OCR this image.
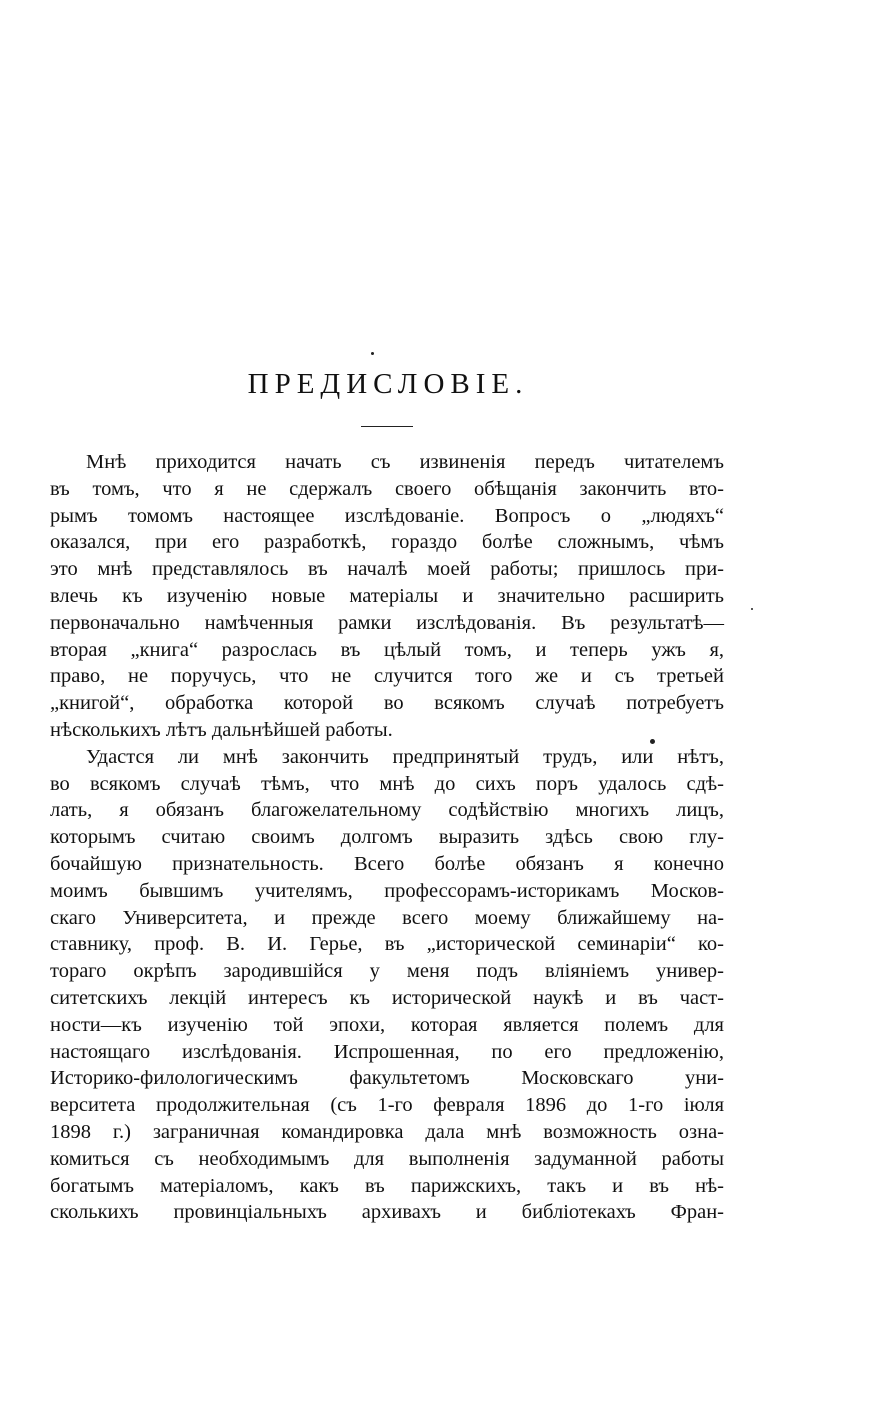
ПРЕДИСЛОВІЕ.
Мнѣ приходится начать съ извиненія передъ читателемъ
въ томъ, что я не сдержалъ своего обѣщанія закончить вто-
рымъ томомъ настоящее изслѣдованіе. Вопросъ о „людяхъ“
оказался, при его разработкѣ, гораздо болѣе сложнымъ, чѣмъ
это мнѣ представлялось въ началѣ моей работы; пришлось при-
влечь къ изученію новые матеріалы и значительно расширить
первоначально намѣченныя рамки изслѣдованія. Въ результатѣ—
вторая „книга“ разрослась въ цѣлый томъ, и теперь ужъ я,
право, не поручусь, что не случится того же и съ третьей
„книгой“, обработка которой во всякомъ случаѣ потребуетъ
нѣсколькихъ лѣтъ дальнѣйшей работы.
Удастся ли мнѣ закончить предпринятый трудъ, или нѣтъ,
во всякомъ случаѣ тѣмъ, что мнѣ до сихъ поръ удалось сдѣ-
лать, я обязанъ благожелательному содѣйствію многихъ лицъ,
которымъ считаю своимъ долгомъ выразить здѣсь свою глу-
бочайшую признательность. Всего болѣе обязанъ я конечно
моимъ бывшимъ учителямъ, профессорамъ-историкамъ Москов-
скаго Университета, и прежде всего моему ближайшему на-
ставнику, проф. В. И. Герье, въ „исторической семинаріи“ ко-
тораго окрѣпъ зародившійся у меня подъ вліяніемъ универ-
ситетскихъ лекцій интересъ къ исторической наукѣ и въ част-
ности—къ изученію той эпохи, которая является полемъ для
настоящаго изслѣдованія. Испрошенная, по его предложенію,
Историко-филологическимъ факультетомъ Московскаго уни-
верситета продолжительная (съ 1-го февраля 1896 до 1-го іюля
1898 г.) заграничная командировка дала мнѣ возможность озна-
комиться съ необходимымъ для выполненія задуманной работы
богатымъ матеріаломъ, какъ въ парижскихъ, такъ и въ нѣ-
сколькихъ провинціальныхъ архивахъ и библіотекахъ Фран-
